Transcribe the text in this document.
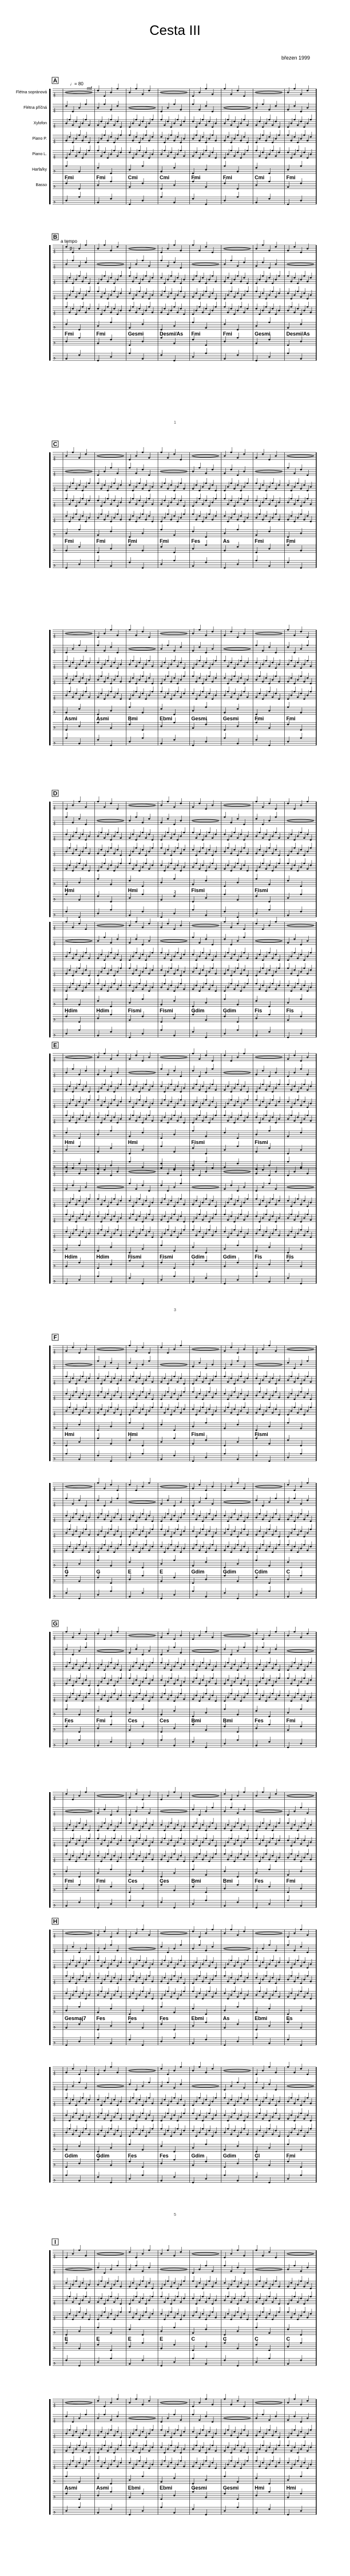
Cesta III
březen 1999
𝄞
Flétna sopránová
𝄞
Flétna příčná
𝄞
Xylofon
𝄞
Piano P.
𝄞
Piano L.
𝄢
Harfa/ky
𝄢
Basso
𝄢
A
Fmi	Fmi	Cmi	Cmi	Fmi	Fmi	Cmi	Fmi
𝄞
𝄞
𝄞
𝄞
𝄞
𝄢
𝄢
𝄢
B
Fmi	Fmi	Gesmi	Desmi/As Fmi	Fmi	Gesmi	Desmi/As
𝄞
𝄞
𝄞
𝄞
𝄞
𝄢
𝄢
𝄢
C
Fmi	Fmi	Fmi	Fmi	Fes	As	Fmi	Fmi
𝄞
𝄞
𝄞
𝄞
𝄞
𝄢
𝄢
𝄢
Asmi	Asmi	Bmi	Ebmi	Gesmi	Gesmi	Fmi	Fmi
𝄞
𝄞
𝄞
𝄞
𝄞
𝄢
𝄢
𝄢
D
Hmi	Hmi	Fismi	Fismi
𝄞
𝄞
𝄞
𝄞
𝄞
𝄢
𝄢
𝄢
Hdim	Hdim	Fismi	Fismi	Gdim	Gdim	Fis	Fis
𝄞
𝄞
𝄞
𝄞
𝄞
𝄢
𝄢
𝄢
E
Hmi	Hmi	Fismi	Fismi
𝄞
𝄞
𝄞
𝄞
𝄞
𝄢
𝄢
𝄢
Hdim	Hdim	Fismi	Fismi	Gdim	Gdim	Fis	Fis
𝄞
𝄞
𝄞
𝄞
𝄞
𝄢
𝄢
𝄢
F
Hmi	Hmi	Fismi	Fismi
𝄞
𝄞
𝄞
𝄞
𝄞
𝄢
𝄢
𝄢
G	G	E	E	Gdim	Gdim	Cdim	C
𝄞
𝄞
𝄞
𝄞
𝄞
𝄢
𝄢
𝄢
G
Fes	Fmi	Ces	Ces	Bmi	Bmi	Fes	Fmi
𝄞
𝄞
𝄞
𝄞
𝄞
𝄢
𝄢
𝄢
Fmi	Fmi	Ces	Ces	Bmi	Bmi	Fes	Fmi
𝄞
𝄞
𝄞
𝄞
𝄞
𝄢
𝄢
𝄢
H
Gesmaj7 Fes	Fes	Fes	Ebmi	As	Ebmi	Es
𝄞
𝄞
𝄞
𝄞
𝄞
𝄢
𝄢
𝄢
Gdim	Gdim	Fes	Fes	Gdim	Gdim	Cl	Fmi
𝄞
𝄞
𝄞
𝄞
𝄞
𝄢
𝄢
𝄢
I
E	E	E	E	C	C	C	C
𝄞
𝄞
𝄞
𝄞
𝄞
𝄢
𝄢
𝄢
Asmi	Asmi	Ebmi	Ebmi	Gesmi	Gesmi	Hmi	Hmi
♩= 80
a tempo
mf
p
1
2
3
4
5
